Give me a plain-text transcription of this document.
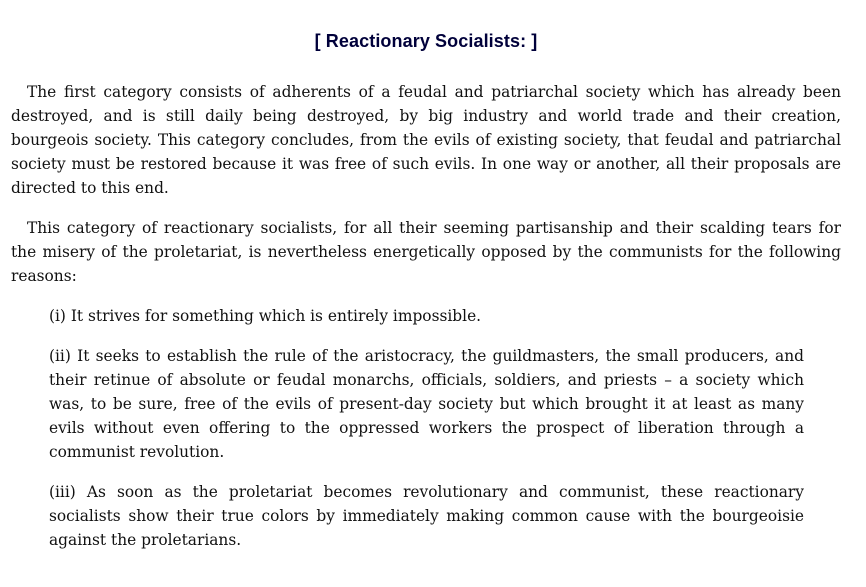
[ Reactionary Socialists: ]

The first category consists of adherents of a feudal and patriarchal society which has already been destroyed, and is still daily being destroyed, by big industry and world trade and their creation, bourgeois society. This category concludes, from the evils of existing society, that feudal and patriarchal society must be restored because it was free of such evils. In one way or another, all their proposals are directed to this end.

This category of reactionary socialists, for all their seeming partisanship and their scalding tears for the misery of the proletariat, is nevertheless energetically opposed by the communists for the following reasons:

(i) It strives for something which is entirely impossible.

(ii) It seeks to establish the rule of the aristocracy, the guildmasters, the small producers, and their retinue of absolute or feudal monarchs, officials, soldiers, and priests – a society which was, to be sure, free of the evils of present-day society but which brought it at least as many evils without even offering to the oppressed workers the prospect of liberation through a communist revolution.

(iii) As soon as the proletariat becomes revolutionary and communist, these reactionary socialists show their true colors by immediately making common cause with the bourgeoisie against the proletarians.
